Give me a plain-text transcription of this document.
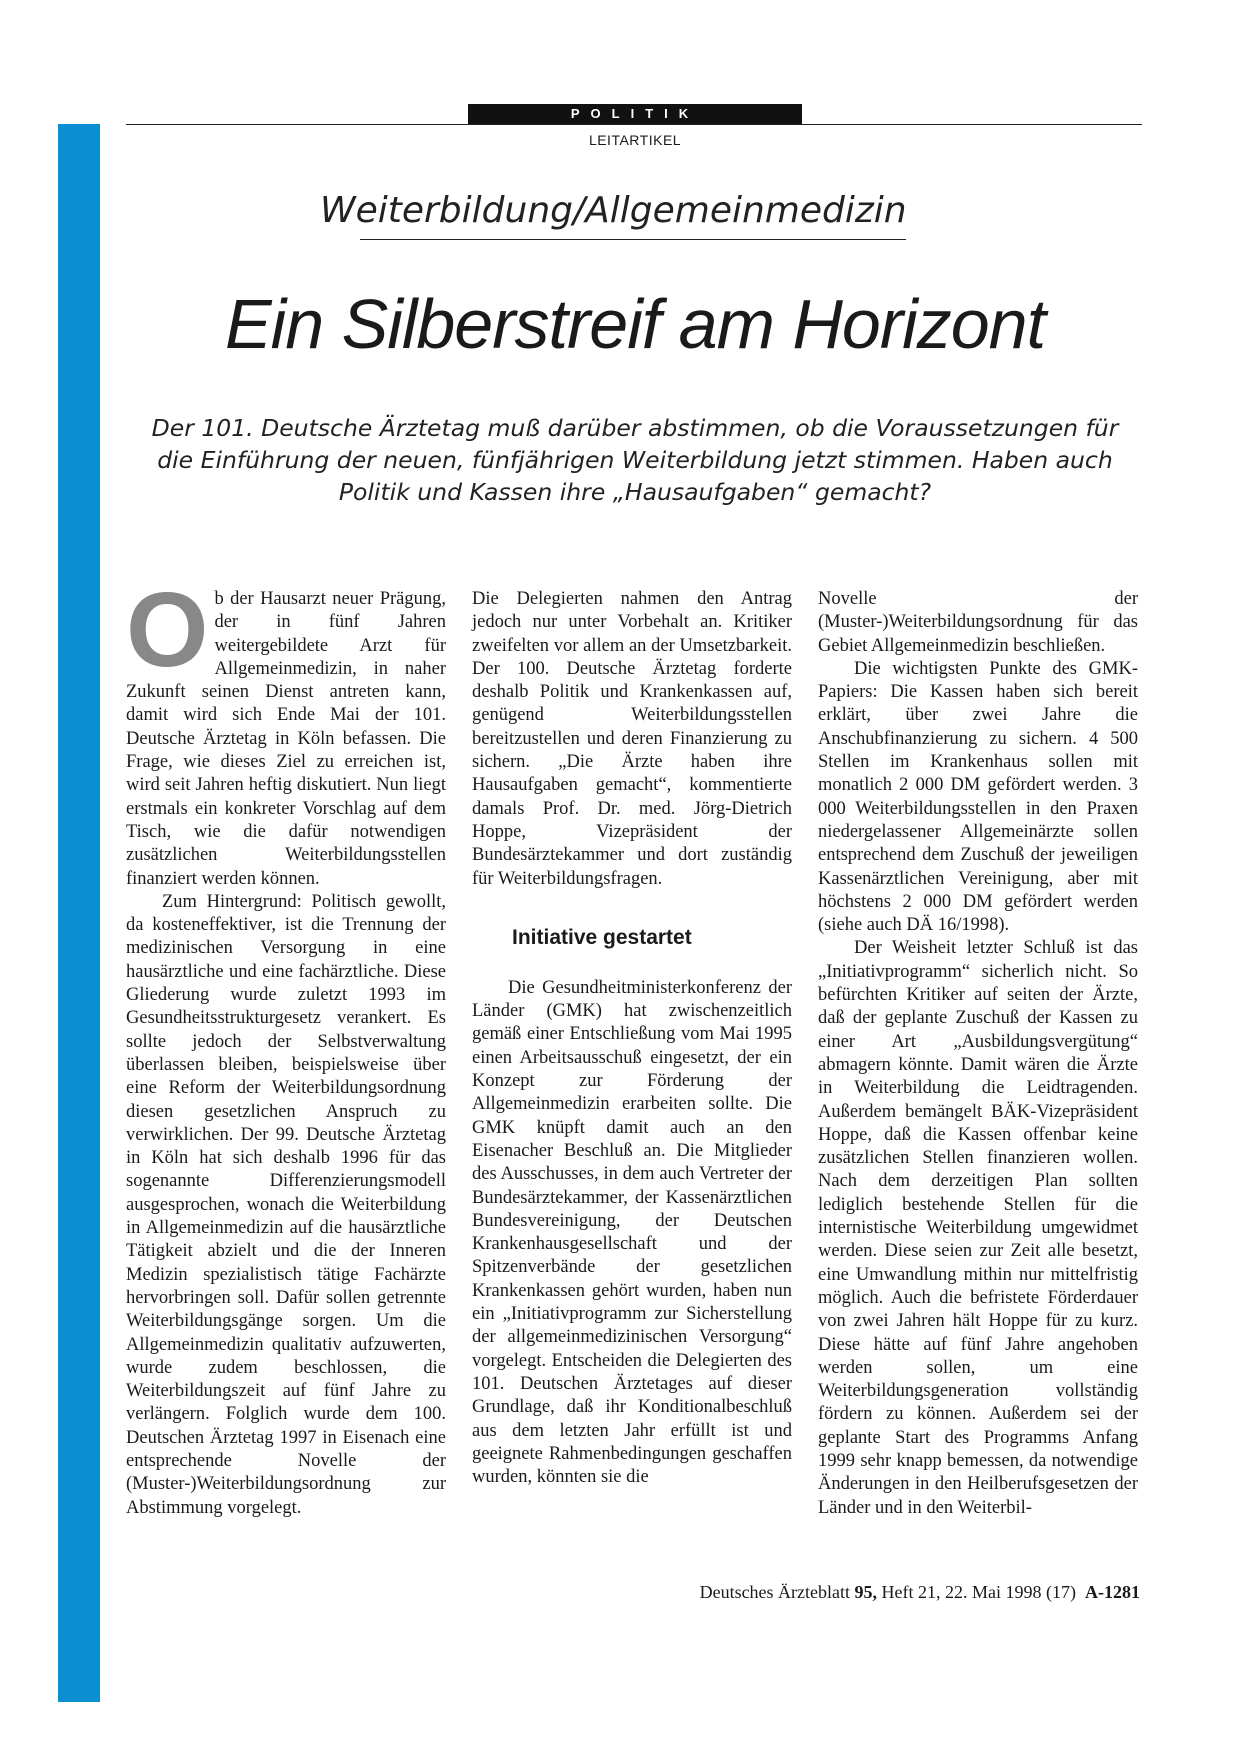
POLITIK
LEITARTIKEL
Weiterbildung/Allgemeinmedizin
Ein Silberstreif am Horizont
Der 101. Deutsche Ärztetag muß darüber abstimmen, ob die Voraussetzungen für die Einführung der neuen, fünfjährigen Weiterbildung jetzt stimmen. Haben auch Politik und Kassen ihre „Hausaufgaben“ gemacht?

Ob der Hausarzt neuer Prägung, der in fünf Jahren weitergebildete Arzt für Allgemeinmedizin, in naher Zukunft seinen Dienst antreten kann, damit wird sich Ende Mai der 101. Deutsche Ärztetag in Köln befassen. Die Frage, wie dieses Ziel zu erreichen ist, wird seit Jahren heftig diskutiert. Nun liegt erstmals ein konkreter Vorschlag auf dem Tisch, wie die dafür notwendigen zusätzlichen Weiterbildungsstellen finanziert werden können.

Zum Hintergrund: Politisch gewollt, da kosteneffektiver, ist die Trennung der medizinischen Versorgung in eine hausärztliche und eine fachärztliche. Diese Gliederung wurde zuletzt 1993 im Gesundheitsstrukturgesetz verankert. Es sollte jedoch der Selbstverwaltung überlassen bleiben, beispielsweise über eine Reform der Weiterbildungsordnung diesen gesetzlichen Anspruch zu verwirklichen. Der 99. Deutsche Ärztetag in Köln hat sich deshalb 1996 für das sogenannte Differenzierungsmodell ausgesprochen, wonach die Weiterbildung in Allgemeinmedizin auf die hausärztliche Tätigkeit abzielt und die der Inneren Medizin spezialistisch tätige Fachärzte hervorbringen soll. Dafür sollen getrennte Weiterbildungsgänge sorgen. Um die Allgemeinmedizin qualitativ aufzuwerten, wurde zudem beschlossen, die Weiterbildungszeit auf fünf Jahre zu verlängern. Folglich wurde dem 100. Deutschen Ärztetag 1997 in Eisenach eine entsprechende Novelle der (Muster-)Weiterbildungsordnung zur Abstimmung vorgelegt.

Die Delegierten nahmen den Antrag jedoch nur unter Vorbehalt an. Kritiker zweifelten vor allem an der Umsetzbarkeit. Der 100. Deutsche Ärztetag forderte deshalb Politik und Krankenkassen auf, genügend Weiterbildungsstellen bereitzustellen und deren Finanzierung zu sichern. „Die Ärzte haben ihre Hausaufgaben gemacht“, kommentierte damals Prof. Dr. med. Jörg-Dietrich Hoppe, Vizepräsident der Bundesärztekammer und dort zuständig für Weiterbildungsfragen.

Initiative gestartet

Die Gesundheitministerkonferenz der Länder (GMK) hat zwischenzeitlich gemäß einer Entschließung vom Mai 1995 einen Arbeitsausschuß eingesetzt, der ein Konzept zur Förderung der Allgemeinmedizin erarbeiten sollte. Die GMK knüpft damit auch an den Eisenacher Beschluß an. Die Mitglieder des Ausschusses, in dem auch Vertreter der Bundesärztekammer, der Kassenärztlichen Bundesvereinigung, der Deutschen Krankenhausgesellschaft und der Spitzenverbände der gesetzlichen Krankenkassen gehört wurden, haben nun ein „Initiativprogramm zur Sicherstellung der allgemeinmedizinischen Versorgung“ vorgelegt. Entscheiden die Delegierten des 101. Deutschen Ärztetages auf dieser Grundlage, daß ihr Konditionalbeschluß aus dem letzten Jahr erfüllt ist und geeignete Rahmenbedingungen geschaffen wurden, könnten sie die

Novelle der (Muster-)Weiterbildungsordnung für das Gebiet Allgemeinmedizin beschließen.

Die wichtigsten Punkte des GMK-Papiers: Die Kassen haben sich bereit erklärt, über zwei Jahre die Anschubfinanzierung zu sichern. 4 500 Stellen im Krankenhaus sollen mit monatlich 2 000 DM gefördert werden. 3 000 Weiterbildungsstellen in den Praxen niedergelassener Allgemeinärzte sollen entsprechend dem Zuschuß der jeweiligen Kassenärztlichen Vereinigung, aber mit höchstens 2 000 DM gefördert werden (siehe auch DÄ 16/1998).

Der Weisheit letzter Schluß ist das „Initiativprogramm“ sicherlich nicht. So befürchten Kritiker auf seiten der Ärzte, daß der geplante Zuschuß der Kassen zu einer Art „Ausbildungsvergütung“ abmagern könnte. Damit wären die Ärzte in Weiterbildung die Leidtragenden. Außerdem bemängelt BÄK-Vizepräsident Hoppe, daß die Kassen offenbar keine zusätzlichen Stellen finanzieren wollen. Nach dem derzeitigen Plan sollten lediglich bestehende Stellen für die internistische Weiterbildung umgewidmet werden. Diese seien zur Zeit alle besetzt, eine Umwandlung mithin nur mittelfristig möglich. Auch die befristete Förderdauer von zwei Jahren hält Hoppe für zu kurz. Diese hätte auf fünf Jahre angehoben werden sollen, um eine Weiterbildungsgeneration vollständig fördern zu können. Außerdem sei der geplante Start des Programms Anfang 1999 sehr knapp bemessen, da notwendige Änderungen in den Heilberufsgesetzen der Länder und in den Weiterbil-

Deutsches Ärzteblatt 95, Heft 21, 22. Mai 1998 (17) A-1281
